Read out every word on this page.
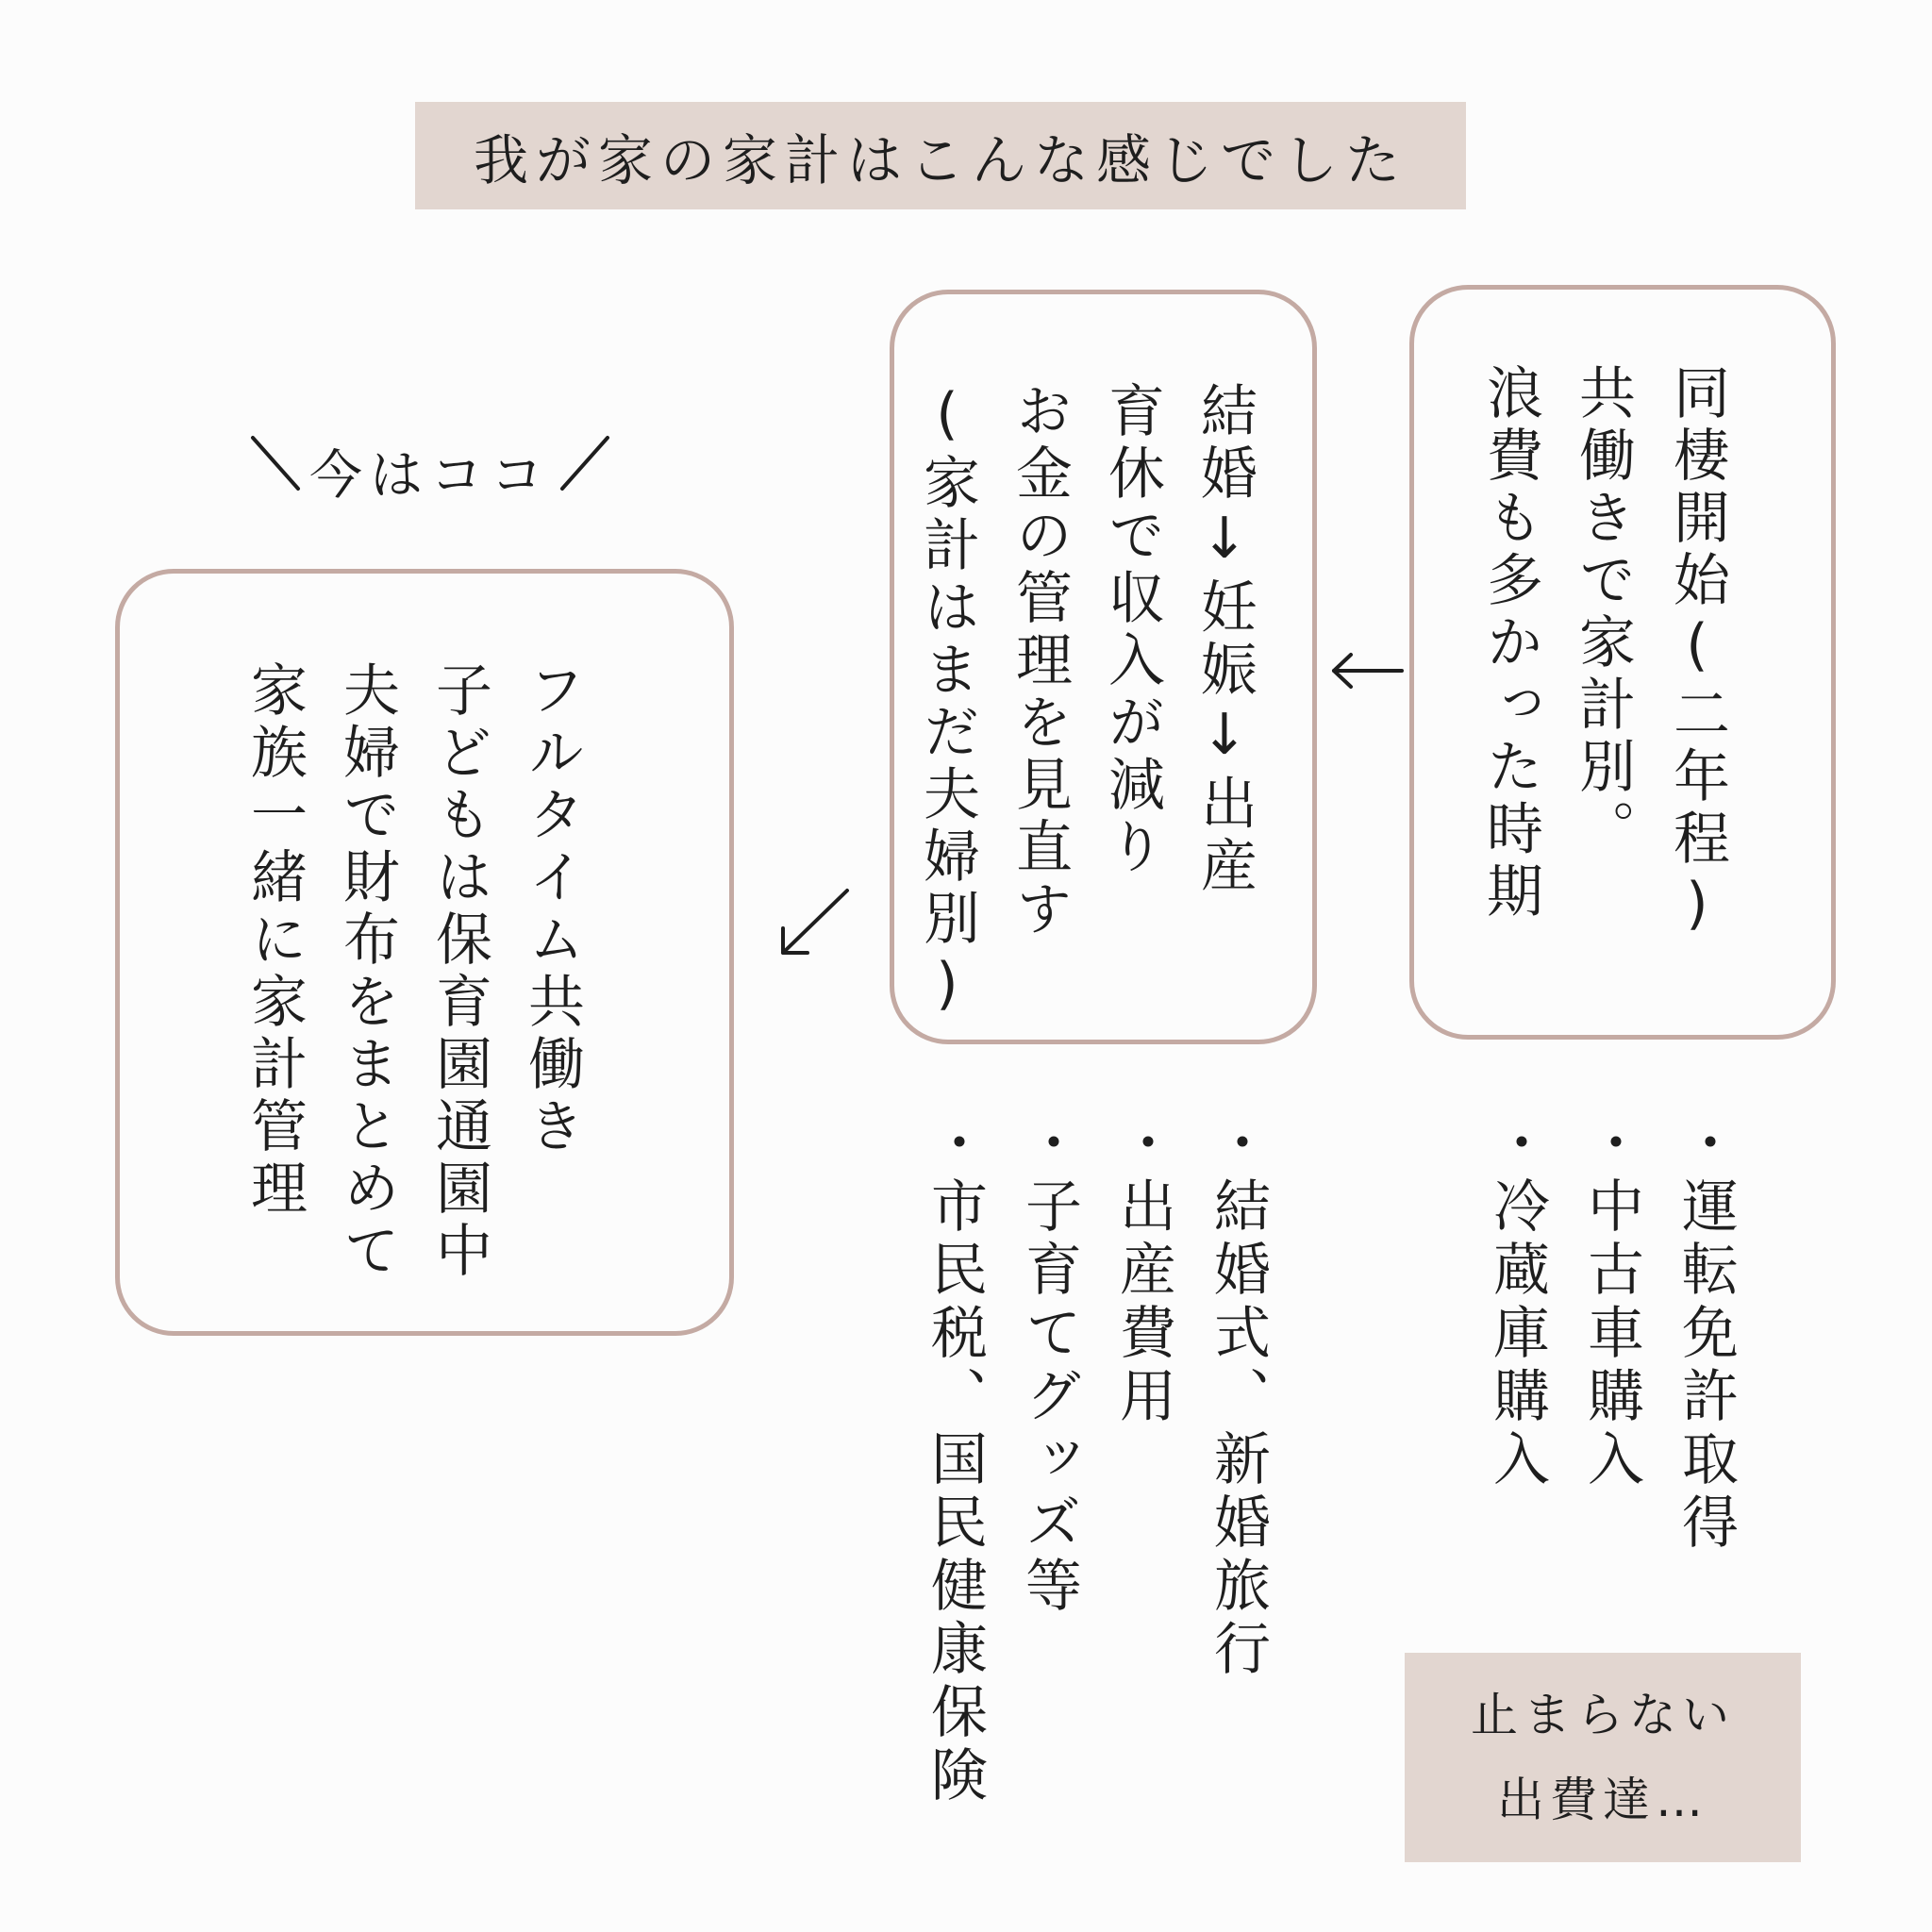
我が家の家計はこんな感じでした
同棲開始(二年程)
共働きで家計別。
浪費も多かった時期
結婚↓妊娠↓出産
育休で収入が減り
お金の管理を見直す
(家計はまだ夫婦別)
今はココ
フルタイム共働き
子どもは保育園通園中
夫婦で財布をまとめて
家族一緒に家計管理
・運転免許取得
・中古車購入
・冷蔵庫購入
・結婚式、新婚旅行
・出産費用
・子育てグッズ等
・市民税、国民健康保険	止まらない
出費達…
